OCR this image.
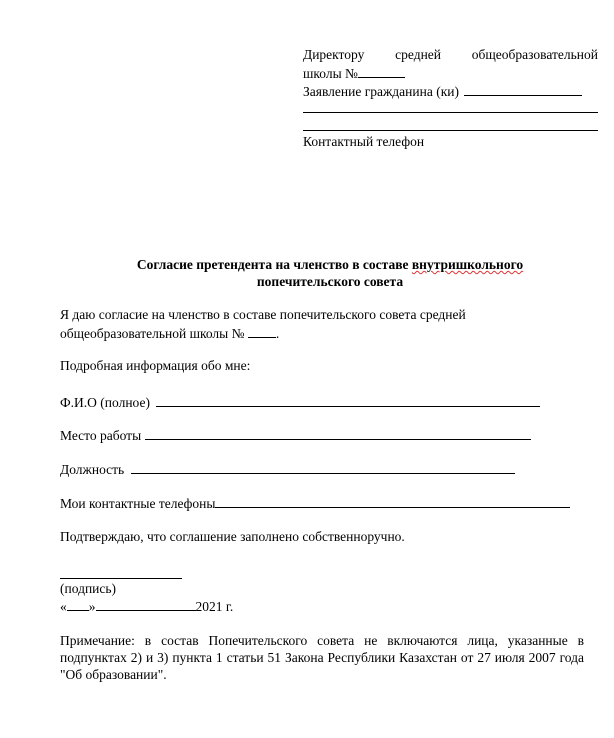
Директору средней общеобразовательной
школы №
Заявление гражданина (ки)
Контактный телефон
Согласие претендента на членство в составе внутришкольного
попечительского совета
Я даю согласие на членство в составе попечительского совета средней
общеобразовательной школы № .
Подробная информация обо мне:
Ф.И.О (полное)
Место работы
Должность
Мои контактные телефоны
Подтверждаю, что соглашение заполнено собственноручно.
(подпись)
« »	2021 г.
Примечание: в состав Попечительского совета не включаются лица, указанные в подпунктах 2) и 3) пункта 1 статьи 51 Закона Республики Казахстан от 27 июля 2007 года "Об образовании".
